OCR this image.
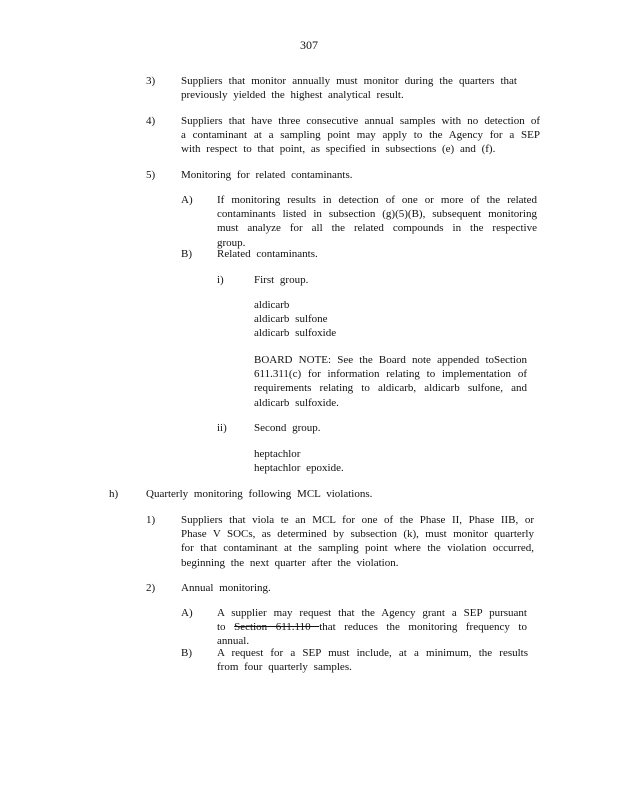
307
3) Suppliers that monitor annually must monitor during the quarters that previously yielded the highest analytical result.
4) Suppliers that have three consecutive annual samples with no detection of a contaminant at a sampling point may apply to the Agency for a SEP with respect to that point, as specified in subsections (e) and (f).
5) Monitoring for related contaminants.
A) If monitoring results in detection of one or more of the related contaminants listed in subsection (g)(5)(B), subsequent monitoring must analyze for all the related compounds in the respective group.
B) Related contaminants.
i)	First group.
aldicarb
aldicarb sulfone
aldicarb sulfoxide
BOARD NOTE: See the Board note appended toSection 611.311(c) for information relating to implementation of requirements relating to aldicarb, aldicarb sulfone, and aldicarb sulfoxide.
ii) Second group.
heptachlor
heptachlor epoxide.
h)	Quarterly monitoring following MCL violations.
1) Suppliers that viola te an MCL for one of the Phase II, Phase IIB, or Phase V SOCs, as determined by subsection (k), must monitor quarterly for that contaminant at the sampling point where the violation occurred, beginning the next quarter after the violation.
2) Annual monitoring.
A) A supplier may request that the Agency grant a SEP pursuant to Section 611.110 that reduces the monitoring frequency to annual.
B) A request for a SEP must include, at a minimum, the results from four quarterly samples.
